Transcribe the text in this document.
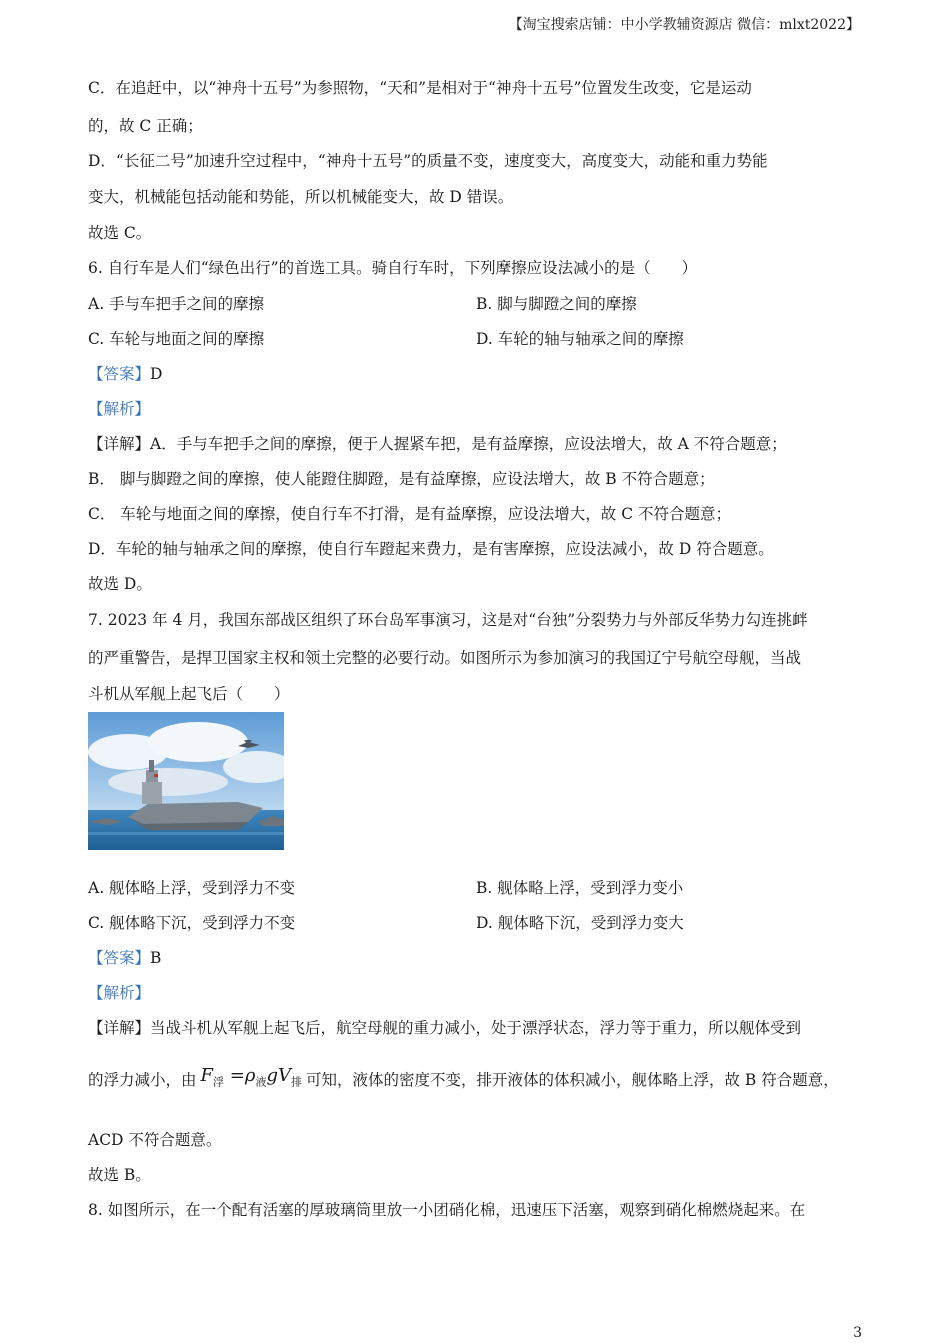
【淘宝搜索店铺：中小学教辅资源店 微信：mlxt2022】
C．在追赶中，以“神舟十五号”为参照物，“天和”是相对于“神舟十五号”位置发生改变，它是运动
的，故 C 正确；
D．“长征二号”加速升空过程中，“神舟十五号”的质量不变，速度变大，高度变大，动能和重力势能
变大，机械能包括动能和势能，所以机械能变大，故 D 错误。
故选 C。
6. 自行车是人们“绿色出行”的首选工具。骑自行车时，下列摩擦应设法减小的是（　　）
A. 手与车把手之间的摩擦	B. 脚与脚蹬之间的摩擦
C. 车轮与地面之间的摩擦	D. 车轮的轴与轴承之间的摩擦
【答案】D
【解析】
【详解】A．手与车把手之间的摩擦，便于人握紧车把，是有益摩擦，应设法增大，故 A 不符合题意；
B． 脚与脚蹬之间的摩擦，使人能蹬住脚蹬，是有益摩擦，应设法增大，故 B 不符合题意；
C． 车轮与地面之间的摩擦，使自行车不打滑，是有益摩擦，应设法增大，故 C 不符合题意；
D．车轮的轴与轴承之间的摩擦，使自行车蹬起来费力，是有害摩擦，应设法减小，故 D 符合题意。
故选 D。
7. 2023 年 4 月，我国东部战区组织了环台岛军事演习，这是对“台独”分裂势力与外部反华势力勾连挑衅
的严重警告，是捍卫国家主权和领土完整的必要行动。如图所示为参加演习的我国辽宁号航空母舰，当战
斗机从军舰上起飞后（　　）
A. 舰体略上浮，受到浮力不变	B. 舰体略上浮，受到浮力变小
C. 舰体略下沉，受到浮力不变	D. 舰体略下沉，受到浮力变大
【答案】B
【解析】
【详解】当战斗机从军舰上起飞后，航空母舰的重力减小，处于漂浮状态，浮力等于重力，所以舰体受到
的浮力减小，由 $F_浮 =\rho_液gV_排$ 可知，液体的密度不变，排开液体的体积减小，舰体略上浮，故 B 符合题意，
ACD 不符合题意。
故选 B。
8. 如图所示，在一个配有活塞的厚玻璃筒里放一小团硝化棉，迅速压下活塞，观察到硝化棉燃烧起来。在
3
